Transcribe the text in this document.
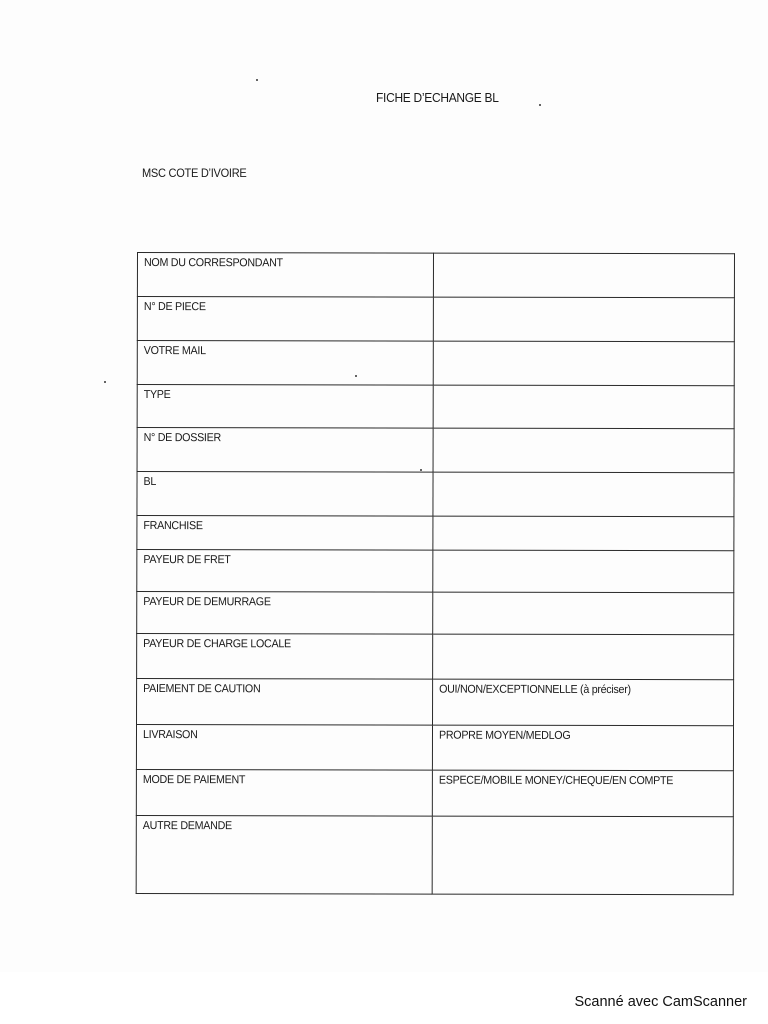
FICHE D’ECHANGE BL
MSC COTE D’IVOIRE
NOM DU CORRESPONDANT	
N° DE PIECE	
VOTRE MAIL	
TYPE	
N° DE DOSSIER	
BL	
FRANCHISE	
PAYEUR DE FRET	
PAYEUR DE DEMURRAGE	
PAYEUR DE CHARGE LOCALE	
PAIEMENT DE CAUTION	OUI/NON/EXCEPTIONNELLE (à préciser)
LIVRAISON	PROPRE MOYEN/MEDLOG
MODE DE PAIEMENT	ESPECE/MOBILE MONEY/CHEQUE/EN COMPTE
AUTRE DEMANDE	
Scanné avec CamScanner
